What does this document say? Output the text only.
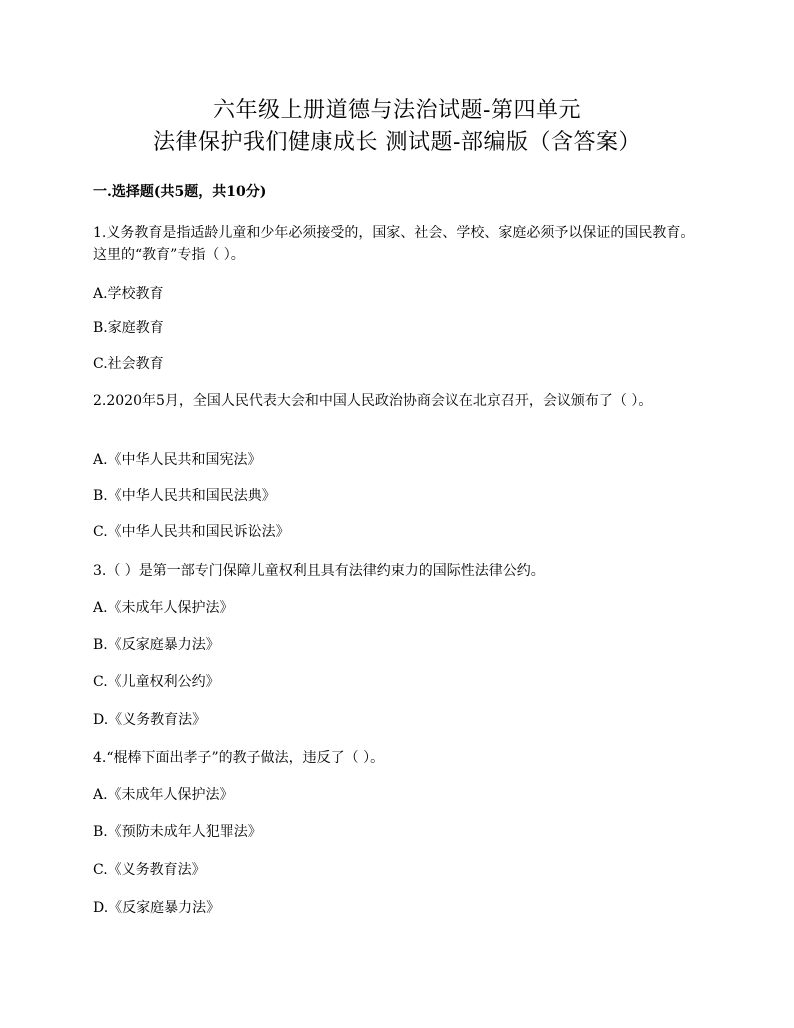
六年级上册道德与法治试题-第四单元
法律保护我们健康成长 测试题-部编版（含答案）
一.选择题(共5题，共10分)
1.义务教育是指适龄儿童和少年必须接受的，国家、社会、学校、家庭必须予以保证的国民教育。这里的“教育”专指（ ）。
A.学校教育
B.家庭教育
C.社会教育
2.2020年5月，全国人民代表大会和中国人民政治协商会议在北京召开，会议颁布了（ ）。
A.《中华人民共和国宪法》
B.《中华人民共和国民法典》
C.《中华人民共和国民诉讼法》
3.（ ）是第一部专门保障儿童权利且具有法律约束力的国际性法律公约。
A.《未成年人保护法》
B.《反家庭暴力法》
C.《儿童权利公约》
D.《义务教育法》
4.“棍棒下面出孝子”的教子做法，违反了（ ）。
A.《未成年人保护法》
B.《预防未成年人犯罪法》
C.《义务教育法》
D.《反家庭暴力法》
